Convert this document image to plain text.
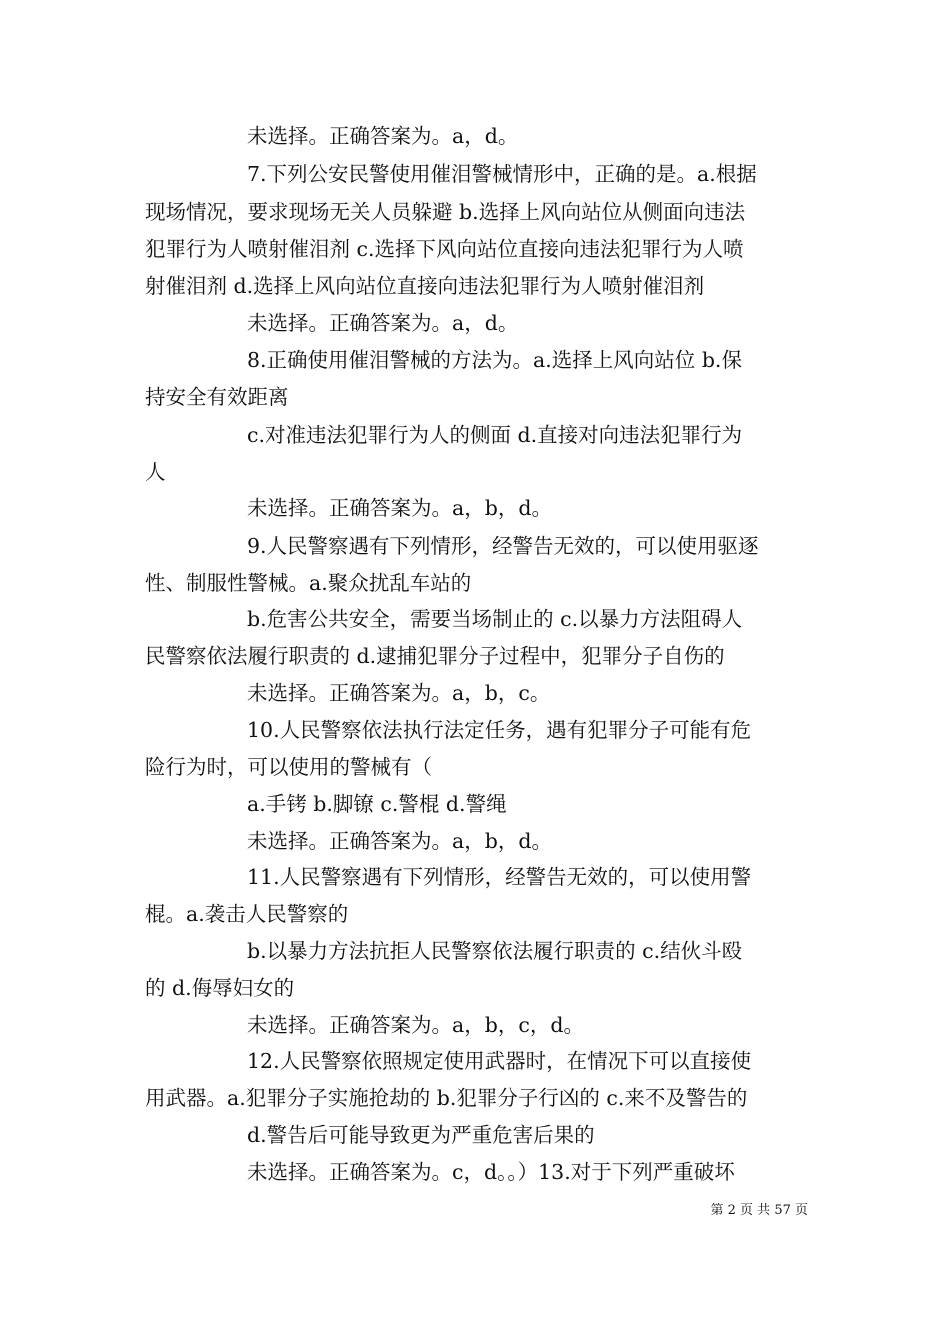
未选择。正确答案为。a，d。
7.下列公安民警使用催泪警械情形中，正确的是。a.根据
现场情况，要求现场无关人员躲避 b.选择上风向站位从侧面向违法
犯罪行为人喷射催泪剂 c.选择下风向站位直接向违法犯罪行为人喷
射催泪剂 d.选择上风向站位直接向违法犯罪行为人喷射催泪剂
未选择。正确答案为。a，d。
8.正确使用催泪警械的方法为。a.选择上风向站位 b.保
持安全有效距离
c.对准违法犯罪行为人的侧面 d.直接对向违法犯罪行为
人
未选择。正确答案为。a，b，d。
9.人民警察遇有下列情形，经警告无效的，可以使用驱逐
性、制服性警械。a.聚众扰乱车站的
b.危害公共安全，需要当场制止的 c.以暴力方法阻碍人
民警察依法履行职责的 d.逮捕犯罪分子过程中，犯罪分子自伤的
未选择。正确答案为。a，b，c。
10.人民警察依法执行法定任务，遇有犯罪分子可能有危
险行为时，可以使用的警械有（
a.手铐 b.脚镣 c.警棍 d.警绳
未选择。正确答案为。a，b，d。
11.人民警察遇有下列情形，经警告无效的，可以使用警
棍。a.袭击人民警察的
b.以暴力方法抗拒人民警察依法履行职责的 c.结伙斗殴
的 d.侮辱妇女的
未选择。正确答案为。a，b，c，d。
12.人民警察依照规定使用武器时，在情况下可以直接使
用武器。a.犯罪分子实施抢劫的 b.犯罪分子行凶的 c.来不及警告的
d.警告后可能导致更为严重危害后果的
未选择。正确答案为。c，d。。）13.对于下列严重破坏
第 2 页 共 57 页
